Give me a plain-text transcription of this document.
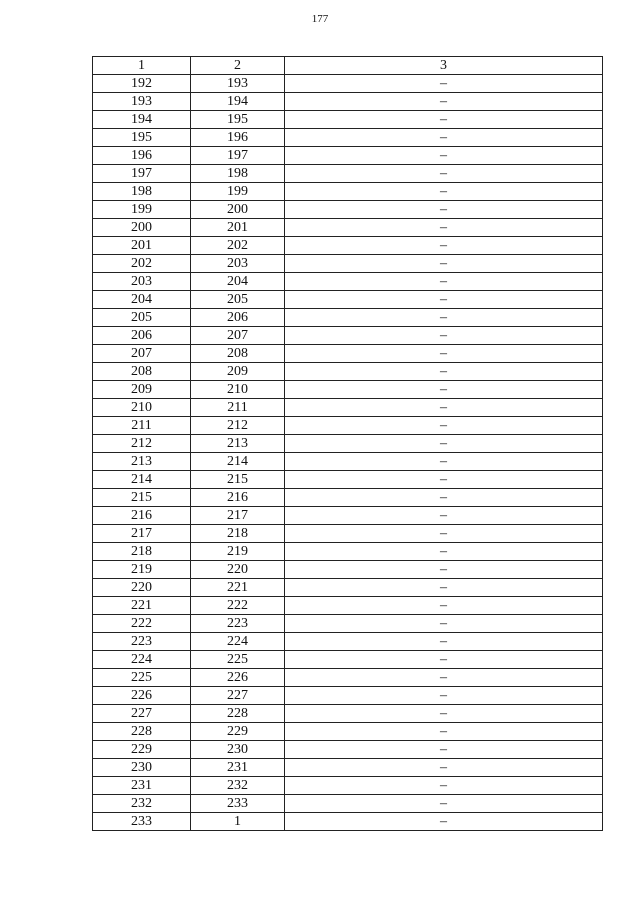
177
1	2	3
192	193	–
193	194	–
194	195	–
195	196	–
196	197	–
197	198	–
198	199	–
199	200	–
200	201	–
201	202	–
202	203	–
203	204	–
204	205	–
205	206	–
206	207	–
207	208	–
208	209	–
209	210	–
210	211	–
211	212	–
212	213	–
213	214	–
214	215	–
215	216	–
216	217	–
217	218	–
218	219	–
219	220	–
220	221	–
221	222	–
222	223	–
223	224	–
224	225	–
225	226	–
226	227	–
227	228	–
228	229	–
229	230	–
230	231	–
231	232	–
232	233	–
233	1	–
